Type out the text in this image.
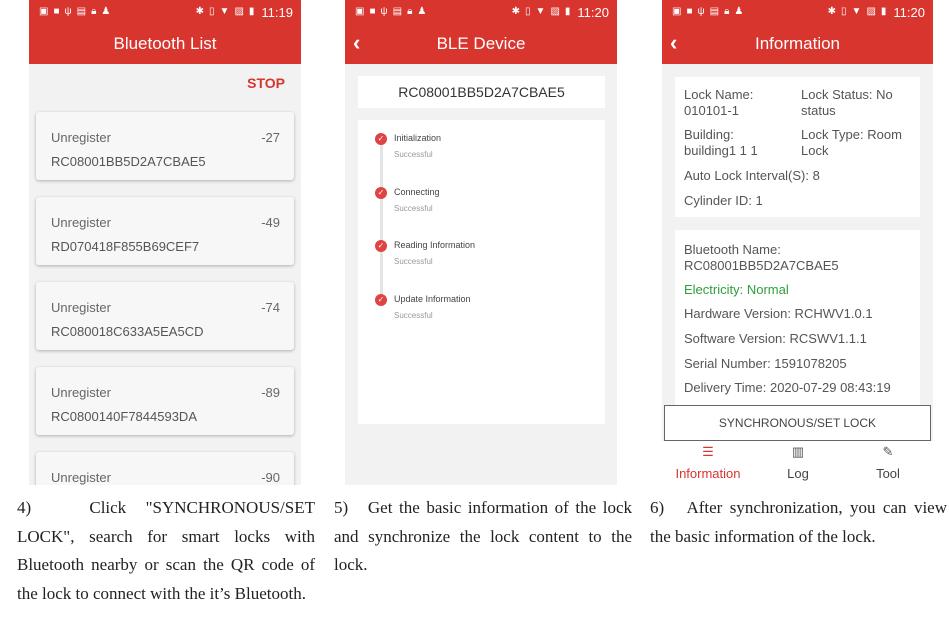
▣ ■ ψ ▤ 🔒︎ ♟	✱ ▯ ▼ ▨ ▮ 11:19
Bluetooth List
STOP
Unregister	-27
RC08001BB5D2A7CBAE5
Unregister	-49
RD070418F855B69CEF7
Unregister	-74
RC080018C633A5EA5CD
Unregister	-89
RC0800140F7844593DA
Unregister	-90
▣ ■ ψ ▤ 🔒︎ ♟	✱ ▯ ▼ ▨ ▮ 11:20
‹	BLE Device
RC08001BB5D2A7CBAE5
✓ Initialization
Successful
✓ Connecting
Successful
✓ Reading Information
Successful
✓ Update Information
Successful
▣ ■ ψ ▤ 🔒︎ ♟	✱ ▯ ▼ ▨ ▮ 11:20
‹	Information
Lock Name:
010101-1
Lock Status: No
status
Building:
building1 1 1
Lock Type: Room
Lock
Auto Lock Interval(S): 8
Cylinder ID: 1
Bluetooth Name:
RC08001BB5D2A7CBAE5
Electricity: Normal
Hardware Version: RCHWV1.0.1
Software Version: RCSWV1.1.1
Serial Number: 1591078205
Delivery Time: 2020-07-29 08:43:19
SYNCHRONOUS/SET LOCK
☰
Information
▥
Log
✎
Tool

4)   Click "SYNCHRONOUS/SET LOCK", search for smart locks with Bluetooth nearby or scan the QR code of the lock to connect with the it’s Bluetooth.

5)   Get the basic information of the lock and synchronize the lock content to the lock.

6)   After synchronization, you can view the basic information of the lock.
